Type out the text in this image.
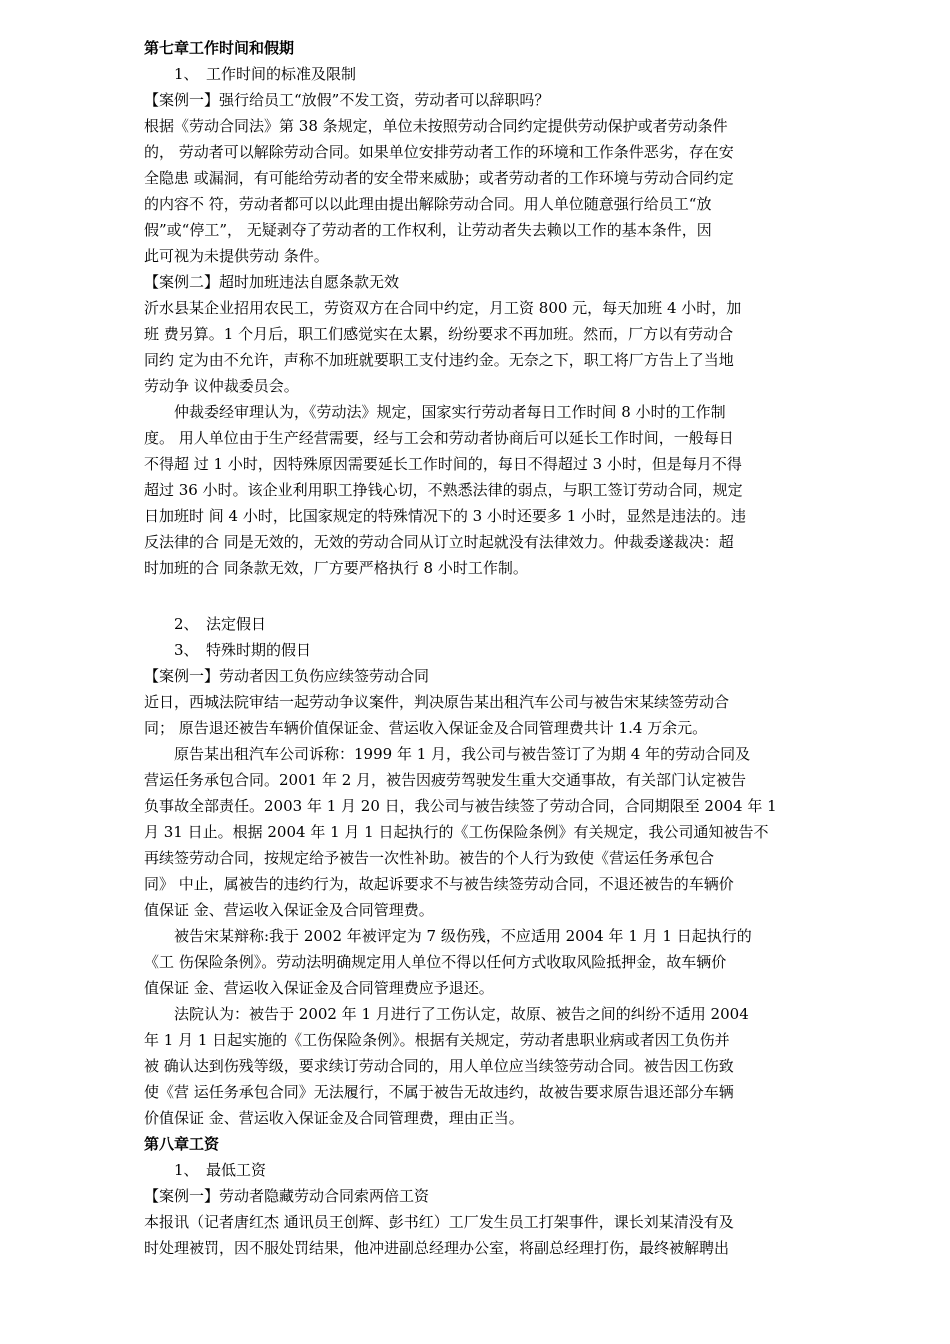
第七章工作时间和假期
　　1、　工作时间的标准及限制
【案例一】强行给员工“放假”不发工资，劳动者可以辞职吗？
根据《劳动合同法》第 38 条规定，单位未按照劳动合同约定提供劳动保护或者劳动条件
的， 劳动者可以解除劳动合同。如果单位安排劳动者工作的环境和工作条件恶劣，存在安
全隐患 或漏洞，有可能给劳动者的安全带来威胁；或者劳动者的工作环境与劳动合同约定
的内容不 符，劳动者都可以以此理由提出解除劳动合同。用人单位随意强行给员工“放
假”或“停工”， 无疑剥夺了劳动者的工作权利，让劳动者失去赖以工作的基本条件，因
此可视为未提供劳动 条件。
【案例二】超时加班违法自愿条款无效
沂水县某企业招用农民工，劳资双方在合同中约定，月工资 800 元，每天加班 4 小时，加
班 费另算。1 个月后，职工们感觉实在太累，纷纷要求不再加班。然而，厂方以有劳动合
同约 定为由不允许，声称不加班就要职工支付违约金。无奈之下，职工将厂方告上了当地
劳动争 议仲裁委员会。
　　仲裁委经审理认为，《劳动法》规定，国家实行劳动者每日工作时间 8 小时的工作制
度。 用人单位由于生产经营需要，经与工会和劳动者协商后可以延长工作时间，一般每日
不得超 过 1 小时，因特殊原因需要延长工作时间的，每日不得超过 3 小时，但是每月不得
超过 36 小时。该企业利用职工挣钱心切，不熟悉法律的弱点，与职工签订劳动合同，规定
日加班时 间 4 小时，比国家规定的特殊情况下的 3 小时还要多 1 小时，显然是违法的。违
反法律的合 同是无效的，无效的劳动合同从订立时起就没有法律效力。仲裁委遂裁决：超
时加班的合 同条款无效，厂方要严格执行 8 小时工作制。
　　2、　法定假日
　　3、　特殊时期的假日
【案例一】劳动者因工负伤应续签劳动合同
近日，西城法院审结一起劳动争议案件，判决原告某出租汽车公司与被告宋某续签劳动合
同； 原告退还被告车辆价值保证金、营运收入保证金及合同管理费共计 1.4 万余元。
　　原告某出租汽车公司诉称：1999 年 1 月，我公司与被告签订了为期 4 年的劳动合同及
营运任务承包合同。2001 年 2 月，被告因疲劳驾驶发生重大交通事故，有关部门认定被告
负事故全部责任。2003 年 1 月 20 日，我公司与被告续签了劳动合同，合同期限至 2004 年 1
月 31 日止。根据 2004 年 1 月 1 日起执行的《工伤保险条例》有关规定，我公司通知被告不
再续签劳动合同，按规定给予被告一次性补助。被告的个人行为致使《营运任务承包合
同》 中止，属被告的违约行为，故起诉要求不与被告续签劳动合同，不退还被告的车辆价
值保证 金、营运收入保证金及合同管理费。
　　被告宋某辩称:我于 2002 年被评定为 7 级伤残，不应适用 2004 年 1 月 1 日起执行的
《工 伤保险条例》。劳动法明确规定用人单位不得以任何方式收取风险抵押金，故车辆价
值保证 金、营运收入保证金及合同管理费应予退还。
　　法院认为：被告于 2002 年 1 月进行了工伤认定，故原、被告之间的纠纷不适用 2004
年 1 月 1 日起实施的《工伤保险条例》。根据有关规定，劳动者患职业病或者因工负伤并
被 确认达到伤残等级，要求续订劳动合同的，用人单位应当续签劳动合同。被告因工伤致
使《营 运任务承包合同》无法履行，不属于被告无故违约，故被告要求原告退还部分车辆
价值保证 金、营运收入保证金及合同管理费，理由正当。
第八章工资
　　1、　最低工资
【案例一】劳动者隐藏劳动合同索两倍工资
本报讯（记者唐红杰 通讯员王创辉、彭书红）工厂发生员工打架事件，课长刘某清没有及
时处理被罚，因不服处罚结果，他冲进副总经理办公室，将副总经理打伤，最终被解聘出
